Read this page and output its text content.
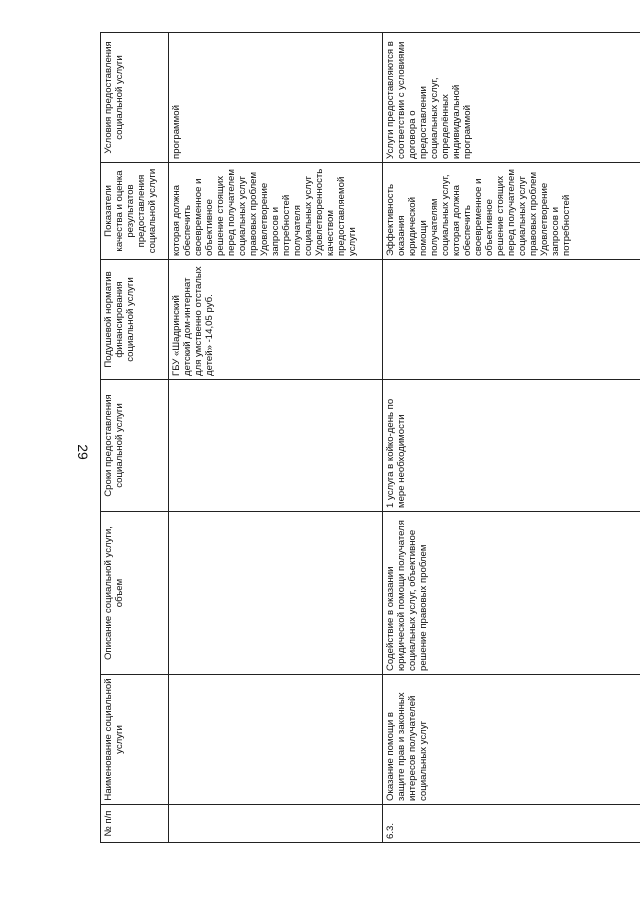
29
№ п/п	Наименование социальной услуги	Описание социальной услуги, объем	Сроки предоставления социальной услуги	Подушевой норматив финансирования социальной услуги	Показатели качества и оценка результатов предоставления социальной услуги	Условия предоставления социальной услуги
				ГБУ «Шадринский детский дом-интернат для умственно отсталых детей» -14,05 руб.	которая должна обеспечить своевременное и объективное решение стоящих перед получателем социальных услуг правовых проблем Удовлетворение запросов и потребностей получателя социальных услуг Удовлетворенность качеством предоставляемой услуги	программой
6.3.	Оказание помощи в защите прав и законных интересов получателей социальных услуг	Содействие в оказании юридической помощи получателя социальных услуг, объективное решение правовых проблем	1 услуга в койко-день по мере необходимости		Эффективность оказания юридической помощи получателям социальных услуг, которая должна обеспечить своевременное и объективное решение стоящих перед получателем социальных услуг правовых проблем Удовлетворение запросов и потребностей	Услуги предоставляются в соответствии с условиями договора о предоставлении социальных услуг, определённых индивидуальной программой
